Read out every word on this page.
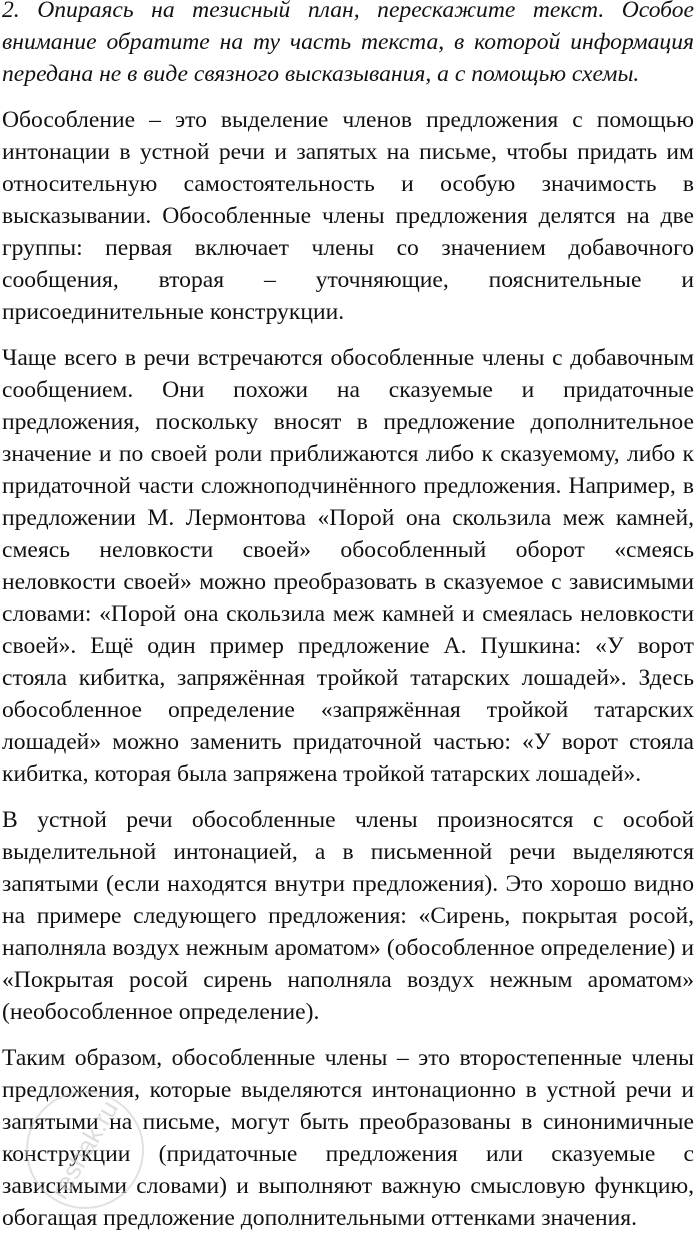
2. Опираясь на тезисный план, перескажите текст. Особое внимание обратите на ту часть текста, в которой информация передана не в виде связного высказывания, а с помощью схемы.

Обособление – это выделение членов предложения с помощью интонации в устной речи и запятых на письме, чтобы придать им относительную самостоятельность и особую значимость в высказывании. Обособленные члены предложения делятся на две группы: первая включает члены со значением добавочного сообщения, вторая – уточняющие, пояснительные и присоединительные конструкции.

Чаще всего в речи встречаются обособленные члены с добавочным сообщением. Они похожи на сказуемые и придаточные предложения, поскольку вносят в предложение дополнительное значение и по своей роли приближаются либо к сказуемому, либо к придаточной части сложноподчинённого предложения. Например, в предложении М. Лермонтова «Порой она скользила меж камней, смеясь неловкости своей» обособленный оборот «смеясь неловкости своей» можно преобразовать в сказуемое с зависимыми словами: «Порой она скользила меж камней и смеялась неловкости своей». Ещё один пример предложение А. Пушкина: «У ворот стояла кибитка, запряжённая тройкой татарских лошадей». Здесь обособленное определение «запряжённая тройкой татарских лошадей» можно заменить придаточной частью: «У ворот стояла кибитка, которая была запряжена тройкой татарских лошадей».

В устной речи обособленные члены произносятся с особой выделительной интонацией, а в письменной речи выделяются запятыми (если находятся внутри предложения). Это хорошо видно на примере следующего предложения: «Сирень, покрытая росой, наполняла воздух нежным ароматом» (обособленное определение) и «Покрытая росой сирень наполняла воздух нежным ароматом» (необособленное определение).

Таким образом, обособленные члены – это второстепенные члены предложения, которые выделяются интонационно в устной речи и запятыми на письме, могут быть преобразованы в синонимичные конструкции (придаточные предложения или сказуемые с зависимыми словами) и выполняют важную смысловую функцию, обогащая предложение дополнительными оттенками значения.

reshak.ru
